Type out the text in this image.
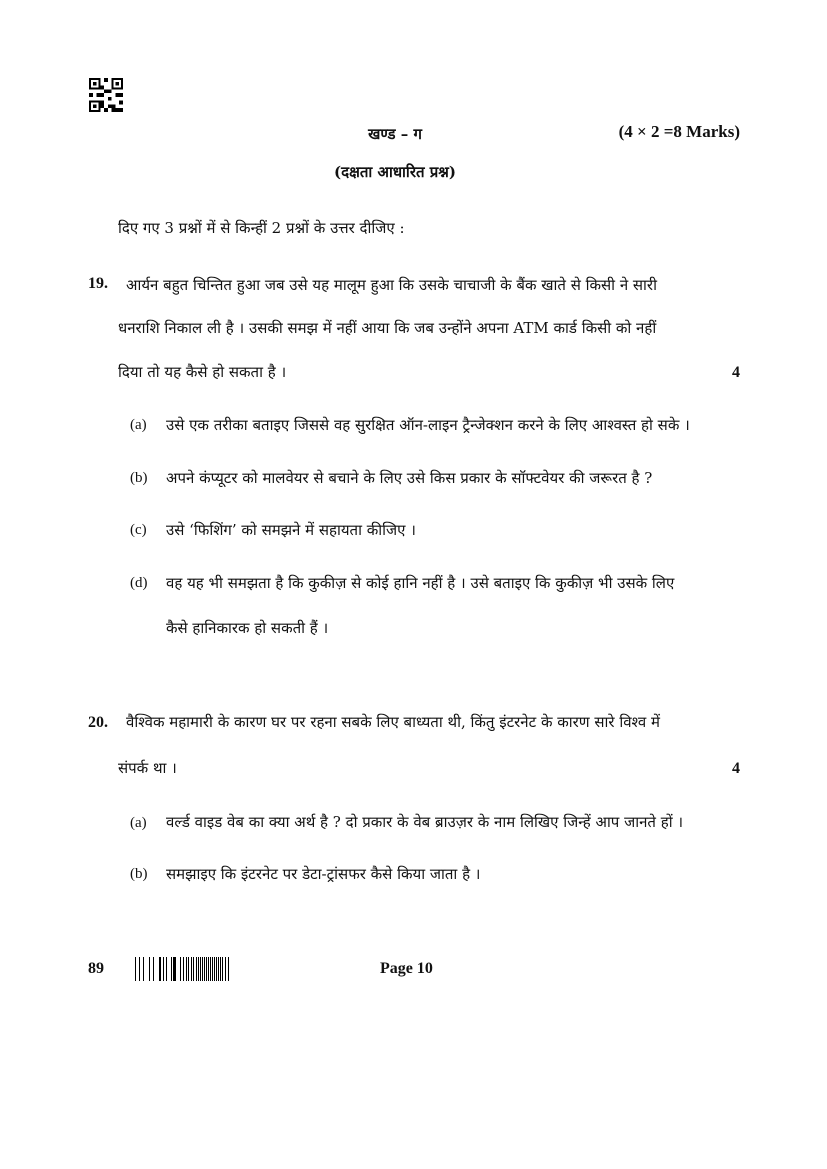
खण्ड – ग	(4 × 2 =8 Marks)
(दक्षता आधारित प्रश्न)
दिए गए 3 प्रश्नों में से किन्हीं 2 प्रश्नों के उत्तर दीजिए :
19. आर्यन बहुत चिन्तित हुआ जब उसे यह मालूम हुआ कि उसके चाचाजी के बैंक खाते से किसी ने सारी
धनराशि निकाल ली है । उसकी समझ में नहीं आया कि जब उन्होंने अपना ATM कार्ड किसी को नहीं
दिया तो यह कैसे हो सकता है ।	4
(a) उसे एक तरीका बताइए जिससे वह सुरक्षित ऑन-लाइन ट्रैन्जेक्शन करने के लिए आश्वस्त हो सके ।
(b) अपने कंप्यूटर को मालवेयर से बचाने के लिए उसे किस प्रकार के सॉफ्टवेयर की जरूरत है ?
(c) उसे ‘फिशिंग’ को समझने में सहायता कीजिए ।
(d) वह यह भी समझता है कि कुकीज़ से कोई हानि नहीं है । उसे बताइए कि कुकीज़ भी उसके लिए
कैसे हानिकारक हो सकती हैं ।
20. वैश्विक महामारी के कारण घर पर रहना सबके लिए बाध्यता थी, किंतु इंटरनेट के कारण सारे विश्व में
संपर्क था ।	4
(a) वर्ल्ड वाइड वेब का क्या अर्थ है ? दो प्रकार के वेब ब्राउज़र के नाम लिखिए जिन्हें आप जानते हों ।
(b) समझाइए कि इंटरनेट पर डेटा-ट्रांसफर कैसे किया जाता है ।
89	Page 10
